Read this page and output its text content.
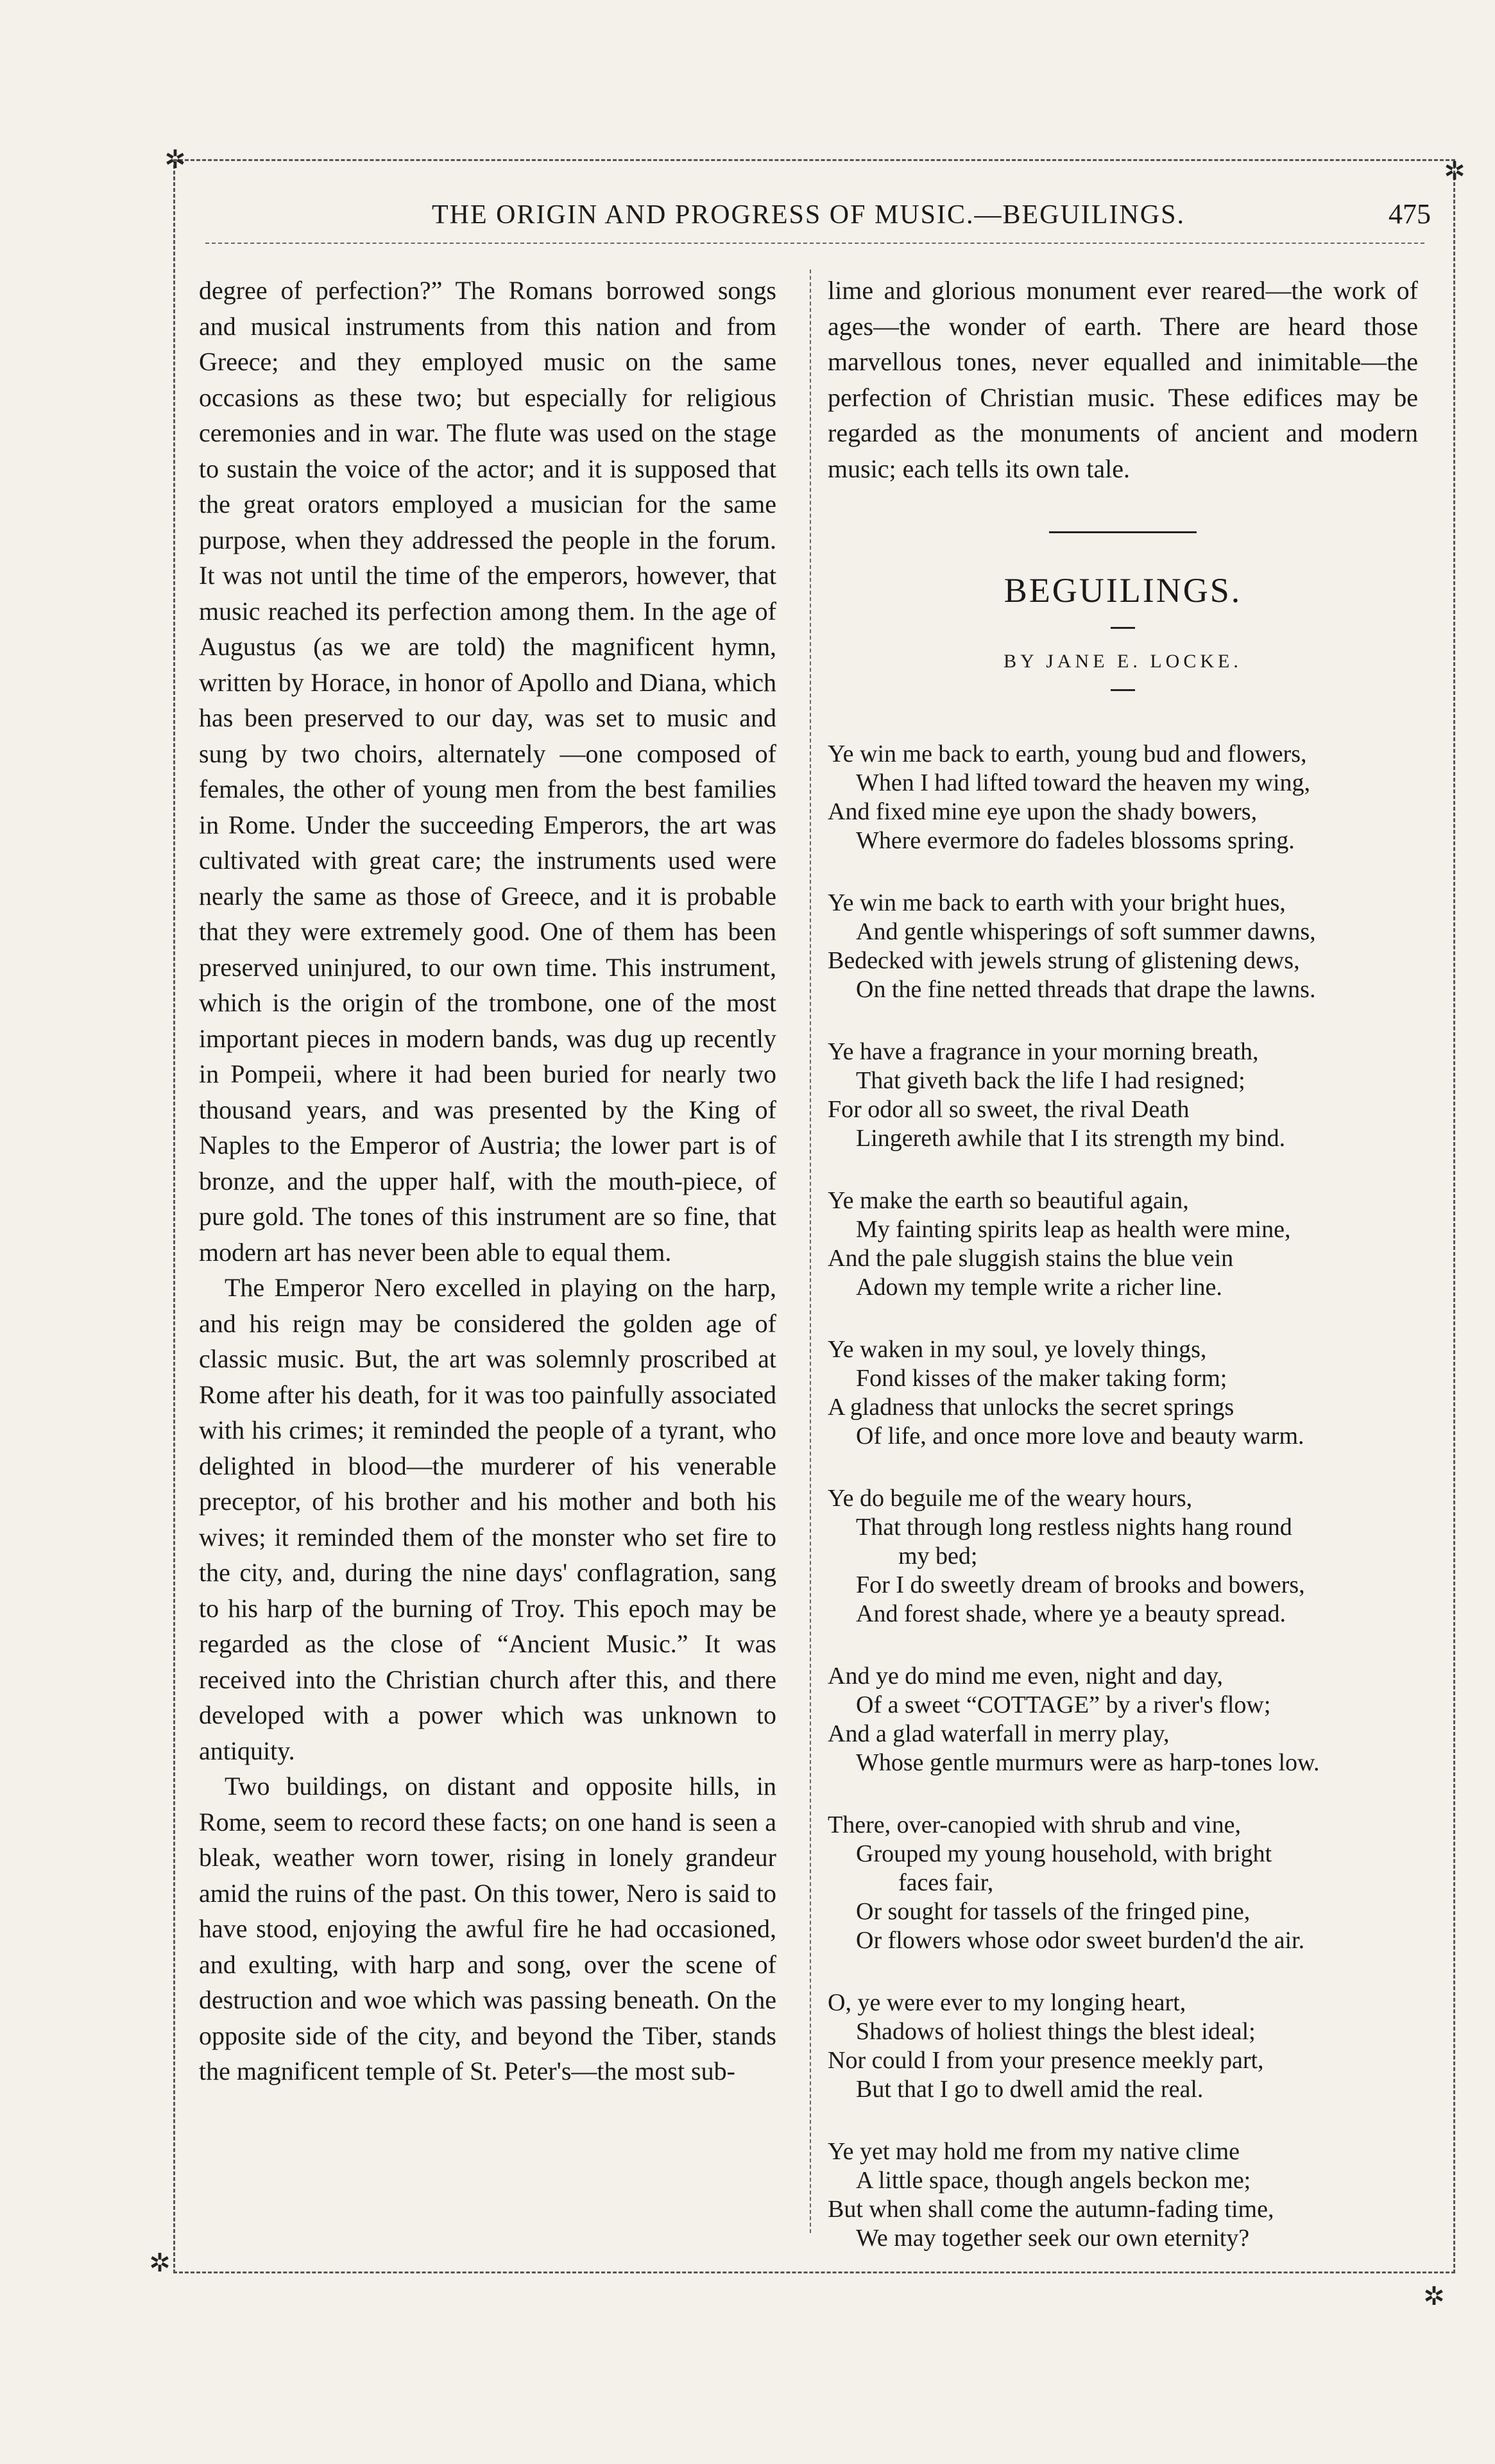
✲	✲
✲
✲
THE ORIGIN AND PROGRESS OF MUSIC.—BEGUILINGS.	475

degree of perfection?” The Romans borrowed songs and musical instruments from this nation and from Greece; and they employed music on the same occasions as these two; but especially for religious ceremonies and in war. The flute was used on the stage to sustain the voice of the actor; and it is supposed that the great orators employed a musician for the same purpose, when they addressed the people in the forum. It was not until the time of the emperors, however, that music reached its perfection among them. In the age of Augustus (as we are told) the magnificent hymn, written by Horace, in honor of Apollo and Diana, which has been preserved to our day, was set to music and sung by two choirs, alternately —one composed of females, the other of young men from the best families in Rome. Under the succeeding Emperors, the art was cultivated with great care; the instruments used were nearly the same as those of Greece, and it is probable that they were extremely good. One of them has been preserved uninjured, to our own time. This instrument, which is the origin of the trombone, one of the most important pieces in modern bands, was dug up recently in Pompeii, where it had been buried for nearly two thousand years, and was presented by the King of Naples to the Emperor of Austria; the lower part is of bronze, and the upper half, with the mouth-piece, of pure gold. The tones of this instrument are so fine, that modern art has never been able to equal them.

The Emperor Nero excelled in playing on the harp, and his reign may be considered the golden age of classic music. But, the art was solemnly proscribed at Rome after his death, for it was too painfully associated with his crimes; it reminded the people of a tyrant, who delighted in blood—the murderer of his venerable preceptor, of his brother and his mother and both his wives; it reminded them of the monster who set fire to the city, and, during the nine days' conflagration, sang to his harp of the burning of Troy. This epoch may be regarded as the close of “Ancient Music.” It was received into the Christian church after this, and there developed with a power which was unknown to antiquity.

Two buildings, on distant and opposite hills, in Rome, seem to record these facts; on one hand is seen a bleak, weather worn tower, rising in lonely grandeur amid the ruins of the past. On this tower, Nero is said to have stood, enjoying the awful fire he had occasioned, and exulting, with harp and song, over the scene of destruction and woe which was passing beneath. On the opposite side of the city, and beyond the Tiber, stands the magnificent temple of St. Peter's—the most sub-

lime and glorious monument ever reared—the work of ages—the wonder of earth. There are heard those marvellous tones, never equalled and inimitable—the perfection of Christian music. These edifices may be regarded as the monuments of ancient and modern music; each tells its own tale.

BEGUILINGS.
BY JANE E. LOCKE.
Ye win me back to earth, young bud and flowers,
When I had lifted toward the heaven my wing,
And fixed mine eye upon the shady bowers,
Where evermore do fadeles blossoms spring.
Ye win me back to earth with your bright hues,
And gentle whisperings of soft summer dawns,
Bedecked with jewels strung of glistening dews,
On the fine netted threads that drape the lawns.
Ye have a fragrance in your morning breath,
That giveth back the life I had resigned;
For odor all so sweet, the rival Death
Lingereth awhile that I its strength my bind.
Ye make the earth so beautiful again,
My fainting spirits leap as health were mine,
And the pale sluggish stains the blue vein
Adown my temple write a richer line.
Ye waken in my soul, ye lovely things,
Fond kisses of the maker taking form;
A gladness that unlocks the secret springs
Of life, and once more love and beauty warm.
Ye do beguile me of the weary hours,
That through long restless nights hang round
my bed;
For I do sweetly dream of brooks and bowers,
And forest shade, where ye a beauty spread.
And ye do mind me even, night and day,
Of a sweet “COTTAGE” by a river's flow;
And a glad waterfall in merry play,
Whose gentle murmurs were as harp-tones low.
There, over-canopied with shrub and vine,
Grouped my young household, with bright
faces fair,
Or sought for tassels of the fringed pine,
Or flowers whose odor sweet burden'd the air.
O, ye were ever to my longing heart,
Shadows of holiest things the blest ideal;
Nor could I from your presence meekly part,
But that I go to dwell amid the real.
Ye yet may hold me from my native clime
A little space, though angels beckon me;
But when shall come the autumn-fading time,
We may together seek our own eternity?
